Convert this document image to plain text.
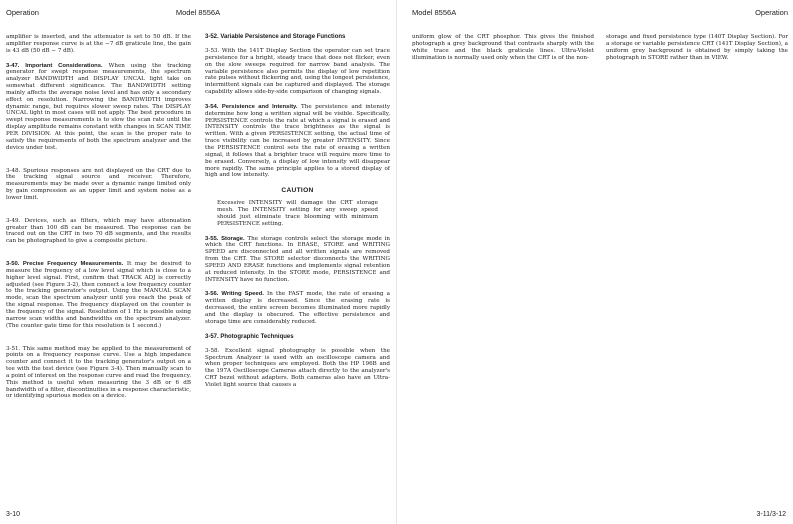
Operation	Model 8556A

amplifier is inserted, and the attenuator is set to 50 dB. If the amplifier response curve is at the −7 dB graticule line, the gain is 43 dB (50 dB − 7 dB).

3-47. Important Considerations. When using the tracking generator for swept response measurements, the spectrum analyzer BANDWIDTH and DISPLAY UNCAL light take on somewhat different significance. The BANDWIDTH setting mainly affects the average noise level and has only a secondary effect on resolution. Narrowing the BANDWIDTH improves dynamic range, but requires slower sweep rates. The DISPLAY UNCAL light in most cases will not apply. The best procedure in swept response measurements is to slow the scan rate until the display amplitude remains constant with changes in SCAN TIME PER DIVISION. At this point, the scan is the proper rate to satisfy the requirements of both the spectrum analyzer and the device under test.

3-48. Spurious responses are not displayed on the CRT due to the tracking signal source and receiver. Therefore, measurements may be made over a dynamic range limited only by gain compression as an upper limit and system noise as a lower limit.

3-49. Devices, such as filters, which may have attenuation greater than 100 dB can be measured. The response can be traced out on the CRT in two 70 dB segments, and the results can be photographed to give a composite picture.

3-50. Precise Frequency Measurements. It may be desired to measure the frequency of a low level signal which is close to a higher level signal. First, confirm that TRACK ADJ is correctly adjusted (see Figure 3-2), then connect a low frequency counter to the tracking generator's output. Using the MANUAL SCAN mode, scan the spectrum analyzer until you reach the peak of the signal response. The frequency displayed on the counter is the frequency of the signal. Resolution of 1 Hz is possible using narrow scan widths and bandwidths on the spectrum analyzer. (The counter gate time for this resolution is 1 second.)

3-51. This same method may be applied to the measurement of points on a frequency response curve. Use a high impedance counter and connect it to the tracking generator's output on a tee with the test device (see Figure 3-4). Then manually scan to a point of interest on the response curve and read the frequency. This method is useful when measuring the 3 dB or 6 dB bandwidth of a filter, discontinuities in a response characteristic, or identifying spurious modes on a device.

3-52. Variable Persistence and Storage Functions

3-53. With the 141T Display Section the operator can set trace persistence for a bright, steady trace that does not flicker, even on the slow sweeps required for narrow band analysis. The variable persistence also permits the display of low repetition rate pulses without flickering and, using the longest persistence, intermittent signals can be captured and displayed. The storage capability allows side-by-side comparison of changing signals.

3-54. Persistence and Intensity. The persistence and intensity determine how long a written signal will be visible. Specifically, PERSISTENCE controls the rate at which a signal is erased and INTENSITY controls the trace brightness as the signal is written. With a given PERSISTENCE setting, the actual time of trace visibility can be increased by greater INTENSITY. Since the PERSISTENCE control sets the rate of erasing a written signal, it follows that a brighter trace will require more time to be erased. Conversely, a display of low intensity will disappear more rapidly. The same principle applies to a stored display of high and low intensity.

CAUTION

Excessive INTENSITY will damage the CRT storage mesh. The INTENSITY setting for any sweep speed should just eliminate trace blooming with minimum PERSISTENCE setting.

3-55. Storage. The storage controls select the storage mode in which the CRT functions. In ERASE, STORE and WRITING SPEED are disconnected and all written signals are removed from the CRT. The STORE selector disconnects the WRITING SPEED AND ERASE functions and implements signal retention at reduced intensity. In the STORE mode, PERSISTENCE and INTENSITY have no function.

3-56. Writing Speed. In the FAST mode, the rate of erasing a written display is decreased. Since the erasing rate is decreased, the entire screen becomes illuminated more rapidly and the display is obscured. The effective persistence and storage time are considerably reduced.

3-57. Photographic Techniques

3-58. Excellent signal photography is possible when the Spectrum Analyzer is used with an oscilloscope camera and when proper techniques are employed. Both the HP 196B and the 197A Oscilloscope Cameras attach directly to the analyzer's CRT bezel without adapters. Both cameras also have an Ultra-Violet light source that causes a

3-10
Model 8556A	Operation

uniform glow of the CRT phosphor. This gives the finished photograph a grey background that contrasts sharply with the white trace and the black graticule lines. Ultra-Violet illumination is normally used only when the CRT is of the non-

storage and fixed persistence type (140T Display Section). For a storage or variable persistence CRT (141T Display Section), a uniform grey background is obtained by simply taking the photograph in STORE rather than in VIEW.

3-11/3-12
